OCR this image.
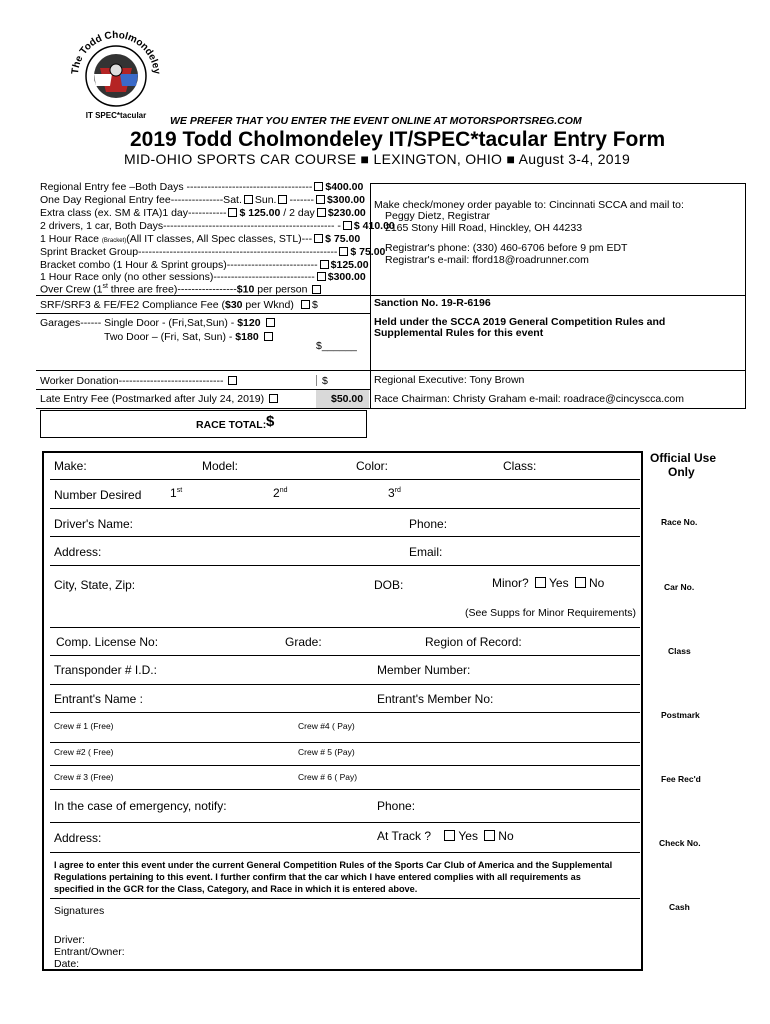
The Todd Cholmondeley
IT SPEC*tacular WE PREFER THAT YOU ENTER THE EVENT ONLINE AT MOTORSPORTSREG.COM
2019 Todd Cholmondeley IT/SPEC*tacular Entry Form
MID-OHIO SPORTS CAR COURSE ■ LEXINGTON, OHIO ■ August 3-4, 2019
Regional Entry fee –Both Days ------------------------------------ $400.00
One Day Regional Entry fee---------------Sat. Sun. ------- $300.00
Extra class (ex. SM & ITA)1 day----------- $ 125.00 / 2 day $230.00
2 drivers, 1 car, Both Days------------------------------------------------- - $ 410.00
1 Hour Race (Bracket)(All IT classes, All Spec classes, STL)--- $ 75.00
Sprint Bracket Group--------------------------------------------------------- $ 75.00
Bracket combo (1 Hour & Sprint groups)-------------------------- $125.00
1 Hour Race only (no other sessions)----------------------------- $300.00
Over Crew (1st three are free)-----------------$10 per person
SRF/SRF3 & FE/FE2 Compliance Fee ($30 per Wknd)	$
Garages------ Single Door - (Fri,Sat,Sun) - $120
Two Door – (Fri, Sat, Sun) - $180
$______
Worker Donation------------------------------	$
Late Entry Fee (Postmarked after July 24, 2019)	$50.00
RACE TOTAL: $
Make check/money order payable to: Cincinnati SCCA and mail to:
Peggy Dietz, Registrar
2165 Stony Hill Road, Hinckley, OH 44233
Registrar's phone: (330) 460-6706 before 9 pm EDT
Registrar's e-mail: fford18@roadrunner.com
Sanction No. 19-R-6196
Held under the SCCA 2019 General Competition Rules and
Supplemental Rules for this event
Regional Executive: Tony Brown
Race Chairman: Christy Graham e-mail: roadrace@cincyscca.com
Make:	Model:	Color:	Class:
Number Desired 1st	2nd	3rd
Driver's Name:	Phone:
Address:	Email:
City, State, Zip:	DOB:	Minor? Yes No
(See Supps for Minor Requirements)
Comp. License No:	Grade:	Region of Record:
Transponder # I.D.:	Member Number:
Entrant's Name :	Entrant's Member No:
Crew # 1 (Free)	Crew #4 ( Pay)
Crew #2 ( Free)	Crew # 5 (Pay)
Crew # 3 (Free)	Crew # 6 ( Pay)
In the case of emergency, notify:	Phone:
Address:	At Track ? Yes No
I agree to enter this event under the current General Competition Rules of the Sports Car Club of America and the Supplemental
Regulations pertaining to this event. I further confirm that the car which I have entered complies with all requirements as
specified in the GCR for the Class, Category, and Race in which it is entered above.
Signatures
Driver:
Entrant/Owner:
Date:
Official Use
Only
Race No.
Car No.
Class
Postmark
Fee Rec'd
Check No.
Cash
